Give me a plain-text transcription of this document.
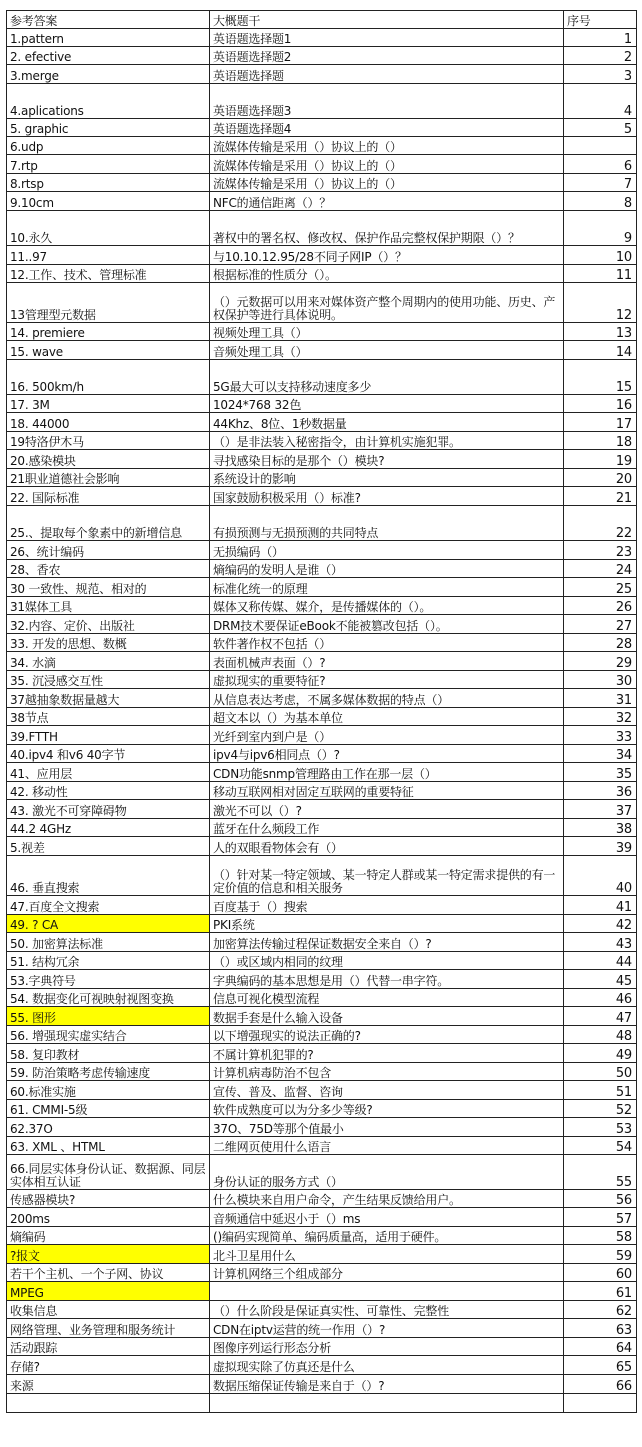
参考答案	大概题干	序号
1.pattern	英语题选择题1	1
2. efective	英语题选择题2	2
3.merge	英语题选择题	3
4.aplications	英语题选择题3	4
5. graphic	英语题选择题4	5
6.udp	流媒体传输是采用（）协议上的（）	
7.rtp	流媒体传输是采用（）协议上的（）	6
8.rtsp	流媒体传输是采用（）协议上的（）	7
9.10cm	NFC的通信距离（）？	8
10.永久	著权中的署名权、修改权、保护作品完整权保护期限（）？	9
11..97	与10.10.12.95/28不同子网IP（）？	10
12.工作、技术、管理标准	根据标准的性质分（）。	11
13管理型元数据	（）元数据可以用来对媒体资产整个周期内的使用功能、历史、产权保护等进行具体说明。	12
14. premiere	视频处理工具（）	13
15. wave	音频处理工具（）	14
16. 500km/h	5G最大可以支持移动速度多少	15
17. 3M	1024*768 32色	16
18. 44000	44Khz、8位、1秒数据量	17
19特洛伊木马	（）是非法装入秘密指令，由计算机实施犯罪。	18
20.感染模块	寻找感染目标的是那个（）模块?	19
21职业道德社会影响	系统设计的影响	20
22. 国际标准	国家鼓励积极采用（）标准?	21
25.、提取每个象素中的新增信息	有损预测与无损预测的共同特点	22
26、统计编码	无损编码（）	23
28、香农	熵编码的发明人是谁（）	24
30 一致性、规范、相对的	标准化统一的原理	25
31媒体工具	媒体又称传媒、媒介，是传播媒体的（）。	26
32.内容、定价、出版社	DRM技术要保证eBook不能被篡改包括（）。	27
33. 开发的思想、数概	软件著作权不包括（）	28
34. 水滴	表面机械声表面（）?	29
35. 沉浸感交互性	虚拟现实的重要特征?	30
37越抽象数据量越大	从信息表达考虑，不属多媒体数据的特点（）	31
38节点	超文本以（）为基本单位	32
39.FTTH	光纤到室内到户是（）	33
40.ipv4 和v6 40字节	ipv4与ipv6相同点（）?	34
41、应用层	CDN功能snmp管理路由工作在那一层（）	35
42. 移动性	移动互联网相对固定互联网的重要特征	36
43. 激光不可穿障碍物	激光不可以（）?	37
44.2 4GHz	蓝牙在什么频段工作	38
5.视差	人的双眼看物体会有（）	39
46. 垂直搜索	（）针对某一特定领域、某一特定人群或某一特定需求提供的有一定价值的信息和相关服务	40
47.百度全文搜索	百度基于（）搜索	41
49. ? CA	PKI系统	42
50. 加密算法标准	加密算法传输过程保证数据安全来自（）?	43
51. 结构冗余	（）或区域内相同的纹理	44
53.字典符号	字典编码的基本思想是用（）代替一串字符。	45
54. 数据变化可视映射视图变换	信息可视化模型流程	46
55. 图形	数据手套是什么输入设备	47
56. 增强现实虚实结合	以下增强现实的说法正确的?	48
58. 复印教材	不属计算机犯罪的?	49
59. 防治策略考虑传输速度	计算机病毒防治不包含	50
60.标准实施	宣传、普及、监督、咨询	51
61. CMMI-5级	软件成熟度可以为分多少等级?	52
62.37O	37O、75D等那个值最小	53
63. XML 、HTML	二维网页使用什么语言	54
66.同层实体身份认证、数据源、同层实体相互认证	身份认证的服务方式（）	55
传感器模块?	什么模块来自用户命令，产生结果反馈给用户。	56
200ms	音频通信中延迟小于（）ms	57
熵编码	()编码实现简单、编码质量高，适用于硬件。	58
?报文	北斗卫星用什么	59
若干个主机、一个子网、协议	计算机网络三个组成部分	60
MPEG		61
收集信息	（）什么阶段是保证真实性、可靠性、完整性	62
网络管理、业务管理和服务统计	CDN在iptv运营的统一作用（）?	63
活动跟踪	图像序列运行形态分析	64
存储?	虚拟现实除了仿真还是什么	65
来源	数据压缩保证传输是来自于（）?	66
